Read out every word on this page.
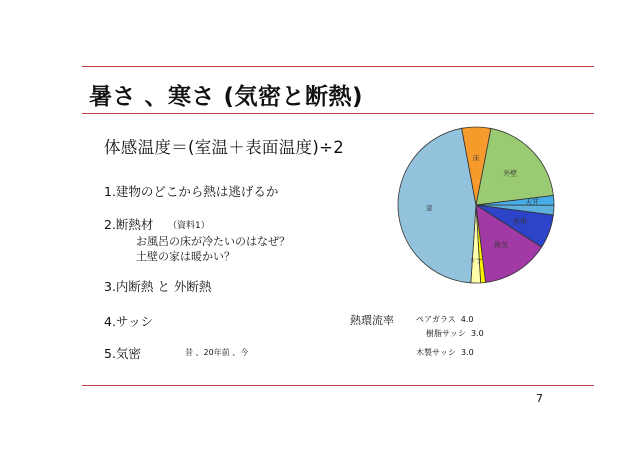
暑さ 、寒さ (気密と断熱)
体感温度＝(室温＋表面温度)÷2
1.建物のどこから熱は逃げるか
2.断熱材 （資料1）
お風呂の床が冷たいのはなぜ？
土壁の家は暖かい？
3.内断熱 と 外断熱
4.サッシ	熱環流率	ペアガラス 4.0
樹脂サッシ 3.0
木製サッシ 3.0
5.気密	昔 、20年前 、今
外壁
天井
屋根
換気
ドア
窓
床
7
